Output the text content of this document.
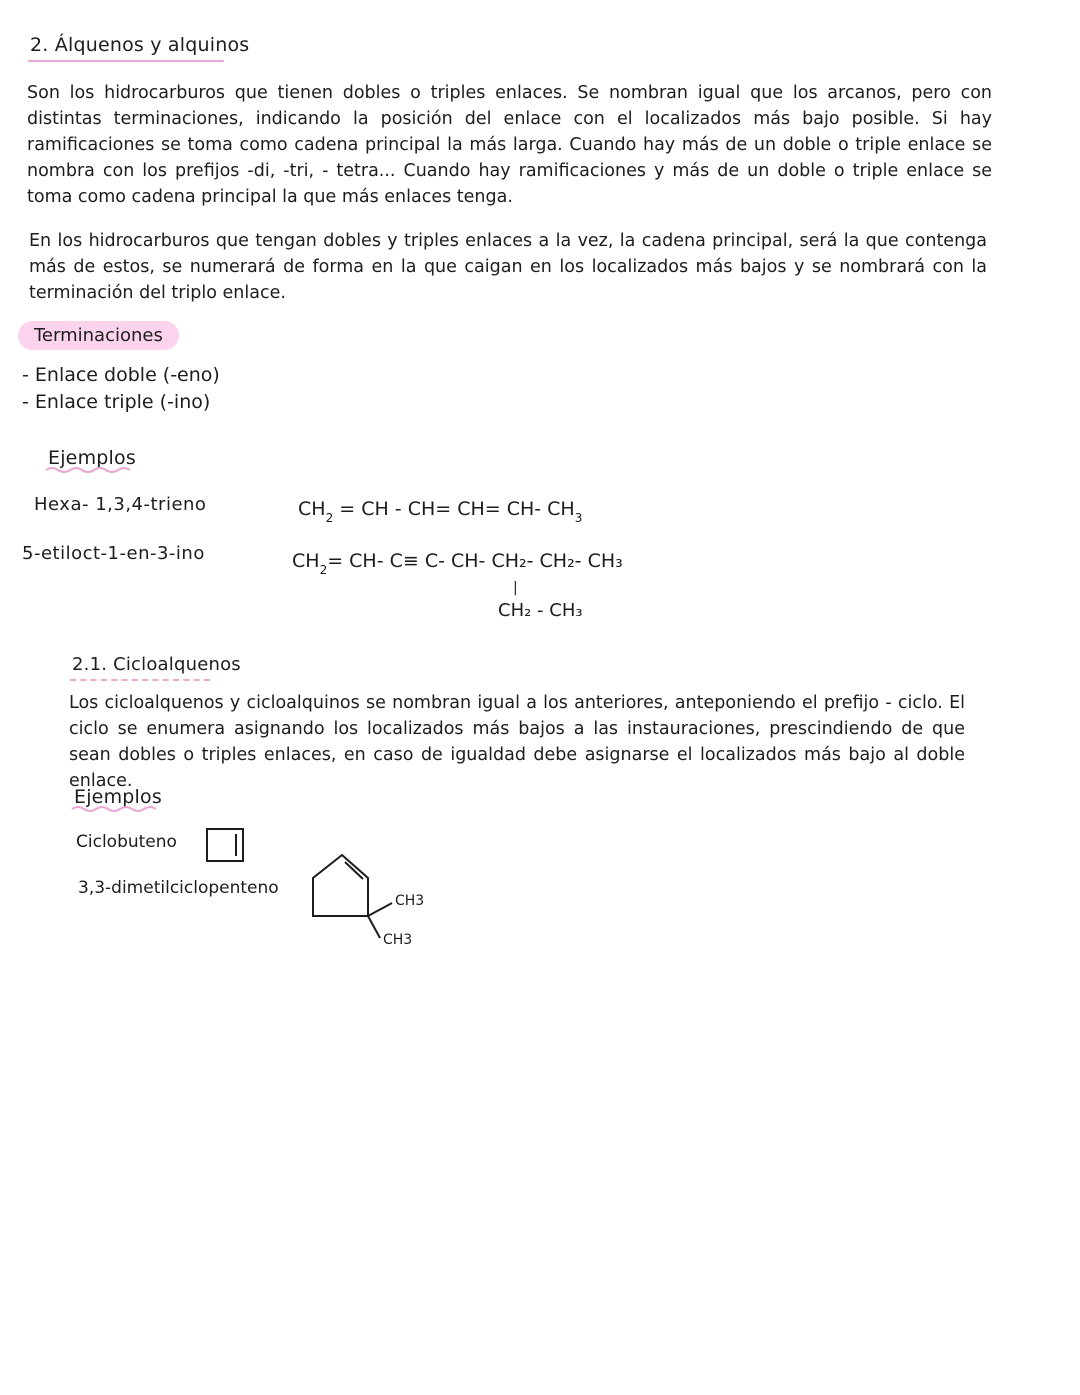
2. Álquenos y alquinos
Son los hidrocarburos que tienen dobles o triples enlaces. Se nombran igual que los arcanos, pero con distintas terminaciones, indicando la posición del enlace con el localizados más bajo posible. Si hay ramificaciones se toma como cadena principal la más larga. Cuando hay más de un doble o triple enlace se nombra con los prefijos -di, -tri, - tetra... Cuando hay ramificaciones y más de un doble o triple enlace se toma como cadena principal la que más enlaces tenga.
En los hidrocarburos que tengan dobles y triples enlaces a la vez, la cadena principal, será la que contenga más de estos, se numerará de forma en la que caigan en los localizados más bajos y se nombrará con la terminación del triplo enlace.
Terminaciones
- Enlace doble (-eno)
- Enlace triple (-ino)
Ejemplos
Hexa- 1,3,4-trieno	$CH_2$ = CH - CH= CH= CH- $CH_3$
5-etiloct-1-en-3-ino	$CH_2= CH-$ C≡ C- CH- CH₂- CH₂- CH₃
|
CH₂ - CH₃
2.1. Cicloalquenos
Los cicloalquenos y cicloalquinos se nombran igual a los anteriores, anteponiendo el prefijo - ciclo. El ciclo se enumera asignando los localizados más bajos a las instauraciones, prescindiendo de que sean dobles o triples enlaces, en caso de igualdad debe asignarse el localizados más bajo al doble enlace.
Ejemplos
Ciclobuteno
3,3-dimetilciclopenteno
CH3
CH3
